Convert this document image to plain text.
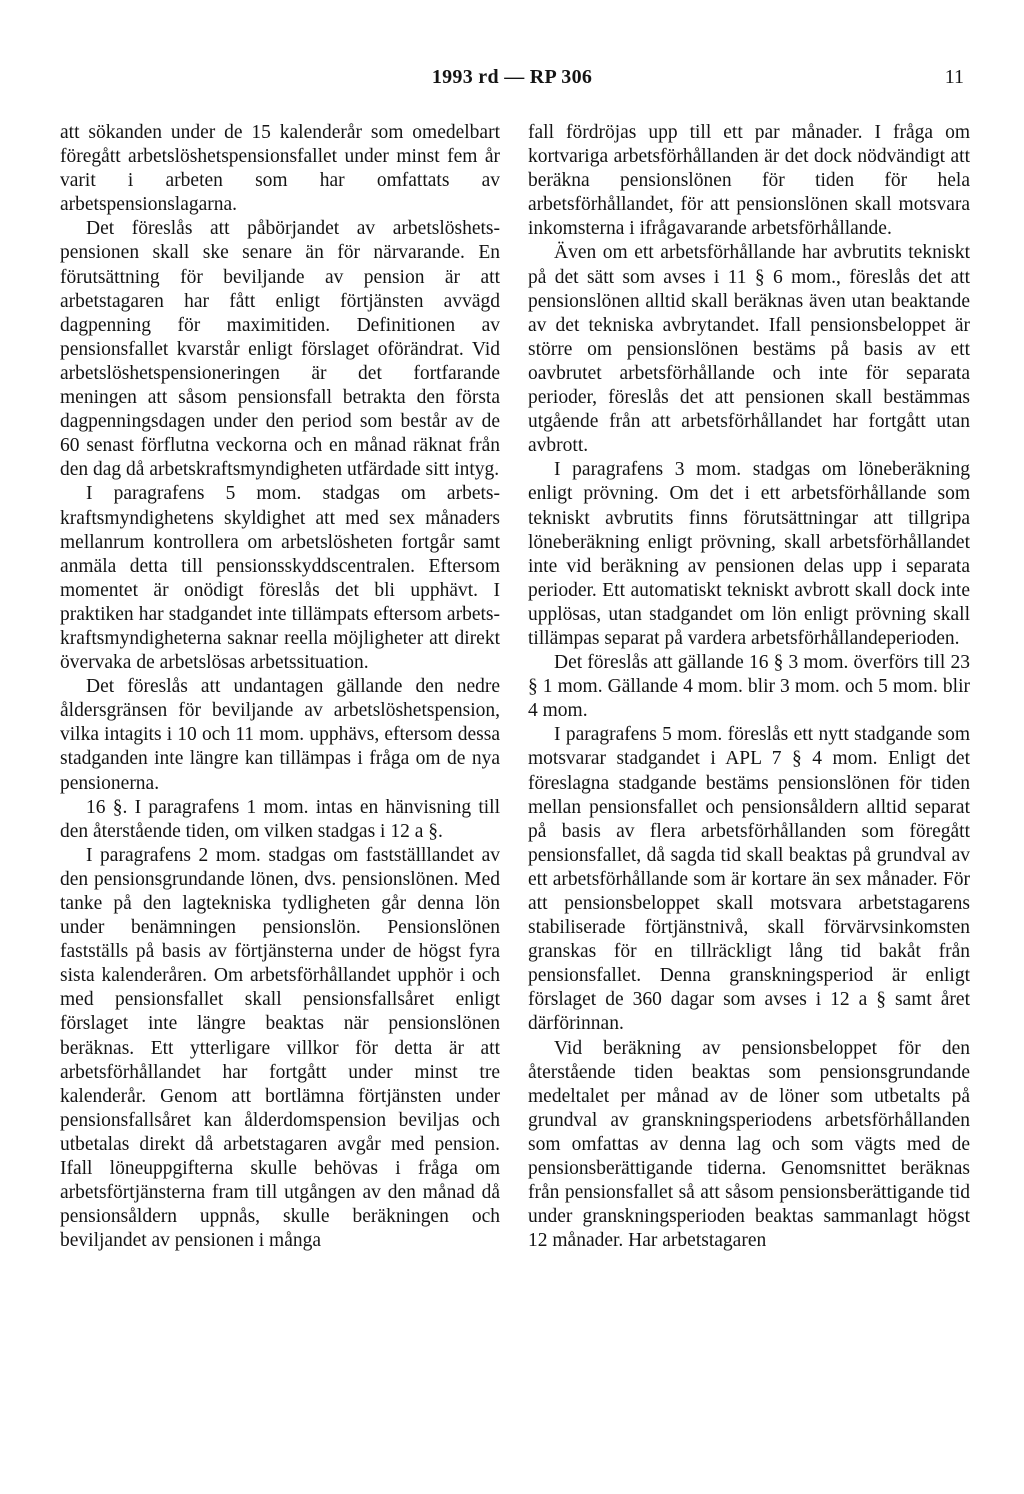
1993 rd — RP 306	11

att sökanden under de 15 kalenderår som omedelbart föregått arbetslöshetspensionsfallet under minst fem år varit i arbeten som har omfattats av arbetspensionslagarna.

Det föreslås att påbörjandet av arbetslöshetspensionen skall ske senare än för närvarande. En förutsättning för beviljande av pension är att arbetstagaren har fått enligt förtjänsten avvägd dagpenning för maximitiden. Definitionen av pensionsfallet kvarstår enligt förslaget oförändrat. Vid arbetslöshetspensioneringen är det fortfarande meningen att såsom pensionsfall betrakta den första dagpenningsdagen under den period som består av de 60 senast förflutna veckorna och en månad räknat från den dag då arbetskraftsmyndigheten utfärdade sitt intyg.

I paragrafens 5 mom. stadgas om arbetskraftsmyndighetens skyldighet att med sex månaders mellanrum kontrollera om arbetslösheten fortgår samt anmäla detta till pensionsskyddscentralen. Eftersom momentet är onödigt föreslås det bli upphävt. I praktiken har stadgandet inte tillämpats eftersom arbetskraftsmyndigheterna saknar reella möjligheter att direkt övervaka de arbetslösas arbetssituation.

Det föreslås att undantagen gällande den nedre åldersgränsen för beviljande av arbetslöshetspension, vilka intagits i 10 och 11 mom. upphävs, eftersom dessa stadganden inte längre kan tillämpas i fråga om de nya pensionerna.

16 §. I paragrafens 1 mom. intas en hänvisning till den återstående tiden, om vilken stadgas i 12 a §.

I paragrafens 2 mom. stadgas om fastställlandet av den pensionsgrundande lönen, dvs. pensionslönen. Med tanke på den lagtekniska tydligheten går denna lön under benämningen pensionslön. Pensionslönen fastställs på basis av förtjänsterna under de högst fyra sista kalenderåren. Om arbetsförhållandet upphör i och med pensionsfallet skall pensionsfallsåret enligt förslaget inte längre beaktas när pensionslönen beräknas. Ett ytterligare villkor för detta är att arbetsförhållandet har fortgått under minst tre kalenderår. Genom att bortlämna förtjänsten under pensionsfallsåret kan ålderdomspension beviljas och utbetalas direkt då arbetstagaren avgår med pension. Ifall löneuppgifterna skulle behövas i fråga om arbetsförtjänsterna fram till utgången av den månad då pensionsåldern uppnås, skulle beräkningen och beviljandet av pensionen i många

fall fördröjas upp till ett par månader. I fråga om kortvariga arbetsförhållanden är det dock nödvändigt att beräkna pensionslönen för tiden för hela arbetsförhållandet, för att pensionslönen skall motsvara inkomsterna i ifrågavarande arbetsförhållande.

Även om ett arbetsförhållande har avbrutits tekniskt på det sätt som avses i 11 § 6 mom., föreslås det att pensionslönen alltid skall beräknas även utan beaktande av det tekniska avbrytandet. Ifall pensionsbeloppet är större om pensionslönen bestäms på basis av ett oavbrutet arbetsförhållande och inte för separata perioder, föreslås det att pensionen skall bestämmas utgående från att arbetsförhållandet har fortgått utan avbrott.

I paragrafens 3 mom. stadgas om löneberäkning enligt prövning. Om det i ett arbetsförhållande som tekniskt avbrutits finns förutsättningar att tillgripa löneberäkning enligt prövning, skall arbetsförhållandet inte vid beräkning av pensionen delas upp i separata perioder. Ett automatiskt tekniskt avbrott skall dock inte upplösas, utan stadgandet om lön enligt prövning skall tillämpas separat på vardera arbetsförhållandeperioden.

Det föreslås att gällande 16 § 3 mom. överförs till 23 § 1 mom. Gällande 4 mom. blir 3 mom. och 5 mom. blir 4 mom.

I paragrafens 5 mom. föreslås ett nytt stadgande som motsvarar stadgandet i APL 7 § 4 mom. Enligt det föreslagna stadgande bestäms pensionslönen för tiden mellan pensionsfallet och pensionsåldern alltid separat på basis av flera arbetsförhållanden som föregått pensionsfallet, då sagda tid skall beaktas på grundval av ett arbetsförhållande som är kortare än sex månader. För att pensionsbeloppet skall motsvara arbetstagarens stabiliserade förtjänstnivå, skall förvärvsinkomsten granskas för en tillräckligt lång tid bakåt från pensionsfallet. Denna granskningsperiod är enligt förslaget de 360 dagar som avses i 12 a § samt året därförinnan.

Vid beräkning av pensionsbeloppet för den återstående tiden beaktas som pensionsgrundande medeltalet per månad av de löner som utbetalts på grundval av granskningsperiodens arbetsförhållanden som omfattas av denna lag och som vägts med de pensionsberättigande tiderna. Genomsnittet beräknas från pensionsfallet så att såsom pensionsberättigande tid under granskningsperioden beaktas sammanlagt högst 12 månader. Har arbetstagaren
